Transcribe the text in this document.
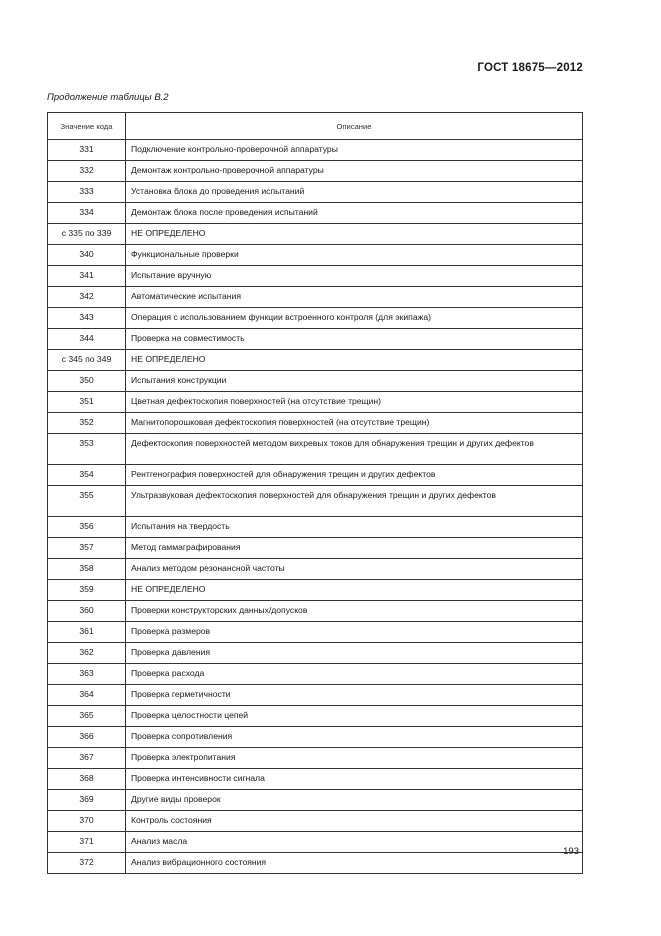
ГОСТ 18675—2012
Продолжение таблицы В.2
Значение кода	Описание
331	Подключение контрольно-проверочной аппаратуры
332	Демонтаж контрольно-проверочной аппаратуры
333	Установка блока до проведения испытаний
334	Демонтаж блока после проведения испытаний
с 335 по 339	НЕ ОПРЕДЕЛЕНО
340	Функциональные проверки
341	Испытание вручную
342	Автоматические испытания
343	Операция с использованием функции встроенного контроля (для экипажа)
344	Проверка на совместимость
с 345 по 349	НЕ ОПРЕДЕЛЕНО
350	Испытания конструкции
351	Цветная дефектоскопия поверхностей (на отсутствие трещин)
352	Магнитопорошковая дефектоскопия поверхностей (на отсутствие трещин)
353	Дефектоскопия поверхностей методом вихревых токов для обнаружения трещин и других дефектов
354	Рентгенография поверхностей для обнаружения трещин и других дефектов
355	Ультразвуковая дефектоскопия поверхностей для обнаружения трещин и других дефектов
356	Испытания на твердость
357	Метод гаммаграфирования
358	Анализ методом резонансной частоты
359	НЕ ОПРЕДЕЛЕНО
360	Проверки конструкторских данных/допусков
361	Проверка размеров
362	Проверка давления
363	Проверка расхода
364	Проверка герметичности
365	Проверка целостности цепей
366	Проверка сопротивления
367	Проверка электропитания
368	Проверка интенсивности сигнала
369	Другие виды проверок
370	Контроль состояния
371	Анализ масла
372	Анализ вибрационного состояния
193
